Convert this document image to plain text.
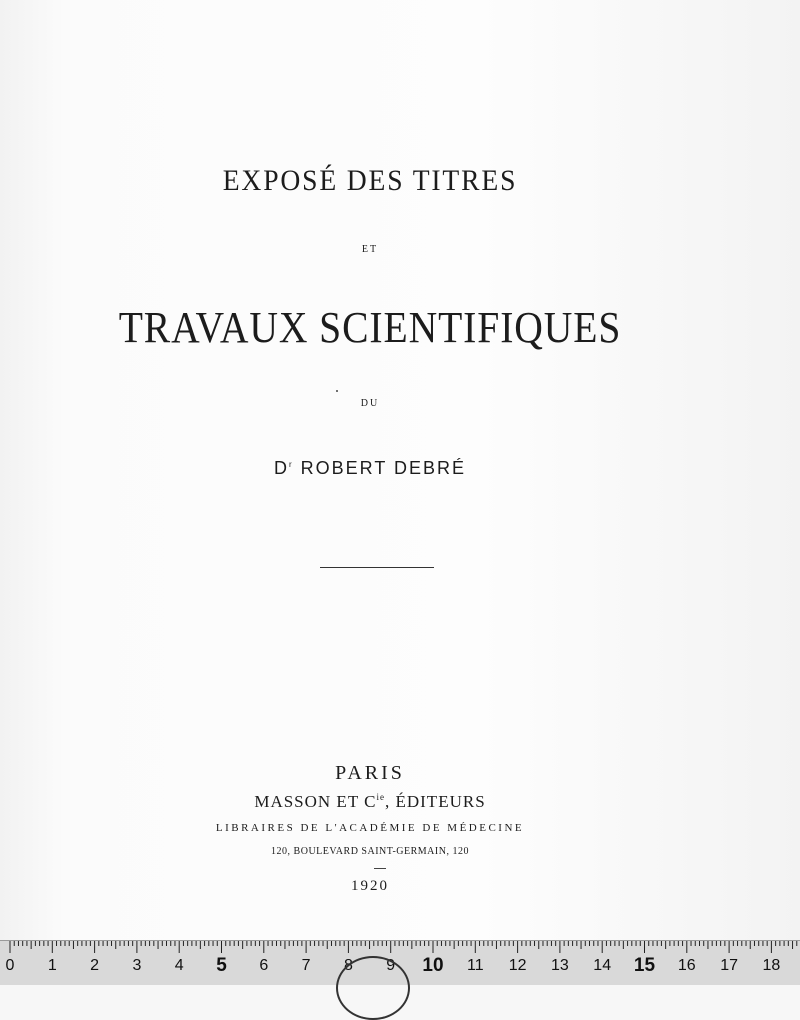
EXPOSÉ DES TITRES
ET
TRAVAUX SCIENTIFIQUES
DU
$D^r$ ROBERT DEBRÉ
PARIS
MASSON ET $C^{ie}$, ÉDITEURS
LIBRAIRES DE L'ACADÉMIE DE MÉDECINE
120, BOULEVARD SAINT-GERMAIN, 120
1920
0 1 2 3 4 5 6 7 8 9 10 11 12 13 14 15 16 17 18
